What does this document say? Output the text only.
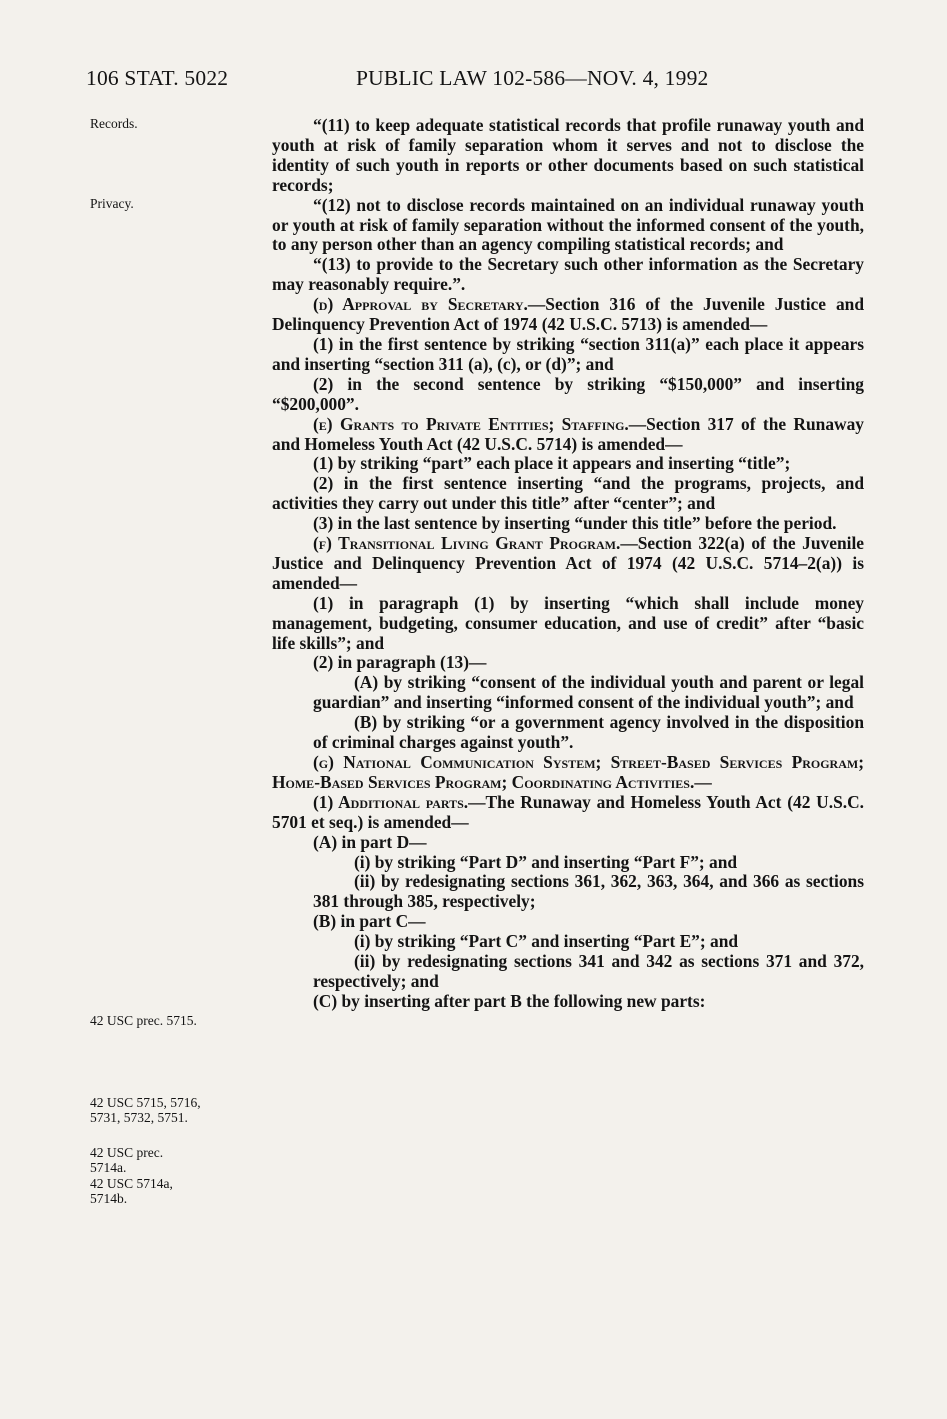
106 STAT. 5022	PUBLIC LAW 102-586—NOV. 4, 1992
Records.
Privacy.
42 USC prec. 5715.
42 USC 5715, 5716, 5731, 5732, 5751.
42 USC prec. 5714a.
42 USC 5714a, 5714b.

“(11) to keep adequate statistical records that profile runaway youth and youth at risk of family separation whom it serves and not to disclose the identity of such youth in reports or other documents based on such statistical records;

“(12) not to disclose records maintained on an individual runaway youth or youth at risk of family separation without the informed consent of the youth, to any person other than an agency compiling statistical records; and

“(13) to provide to the Secretary such other information as the Secretary may reasonably require.”.

(d) Approval by Secretary.—Section 316 of the Juvenile Justice and Delinquency Prevention Act of 1974 (42 U.S.C. 5713) is amended—

(1) in the first sentence by striking “section 311(a)” each place it appears and inserting “section 311 (a), (c), or (d)”; and

(2) in the second sentence by striking “$150,000” and inserting “$200,000”.

(e) Grants to Private Entities; Staffing.—Section 317 of the Runaway and Homeless Youth Act (42 U.S.C. 5714) is amended—

(1) by striking “part” each place it appears and inserting “title”;

(2) in the first sentence inserting “and the programs, projects, and activities they carry out under this title” after “center”; and

(3) in the last sentence by inserting “under this title” before the period.

(f) Transitional Living Grant Program.—Section 322(a) of the Juvenile Justice and Delinquency Prevention Act of 1974 (42 U.S.C. 5714–2(a)) is amended—

(1) in paragraph (1) by inserting “which shall include money management, budgeting, consumer education, and use of credit” after “basic life skills”; and

(2) in paragraph (13)—

(A) by striking “consent of the individual youth and parent or legal guardian” and inserting “informed consent of the individual youth”; and

(B) by striking “or a government agency involved in the disposition of criminal charges against youth”.

(g) National Communication System; Street-Based Services Program; Home-Based Services Program; Coordinating Activities.—

(1) Additional parts.—The Runaway and Homeless Youth Act (42 U.S.C. 5701 et seq.) is amended—

(A) in part D—

(i) by striking “Part D” and inserting “Part F”; and

(ii) by redesignating sections 361, 362, 363, 364, and 366 as sections 381 through 385, respectively;

(B) in part C—

(i) by striking “Part C” and inserting “Part E”; and

(ii) by redesignating sections 341 and 342 as sections 371 and 372, respectively; and

(C) by inserting after part B the following new parts:
